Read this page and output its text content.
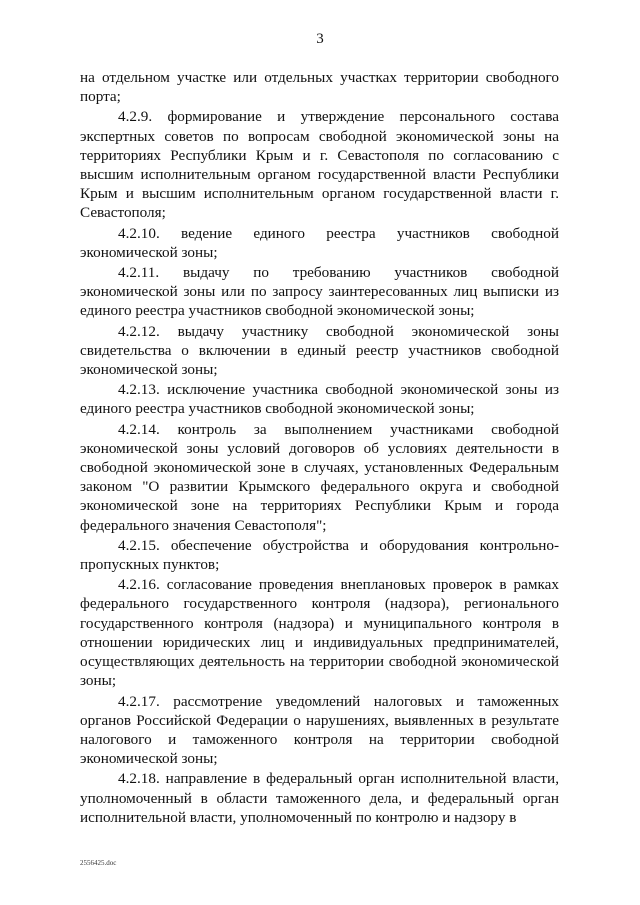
3

на отдельном участке или отдельных участках территории свободного порта;

4.2.9. формирование и утверждение персонального состава экспертных советов по вопросам свободной экономической зоны на территориях Республики Крым и г. Севастополя по согласованию с высшим исполнительным органом государственной власти Республики Крым и высшим исполнительным органом государственной власти г. Севастополя;

4.2.10. ведение единого реестра участников свободной экономической зоны;

4.2.11. выдачу по требованию участников свободной экономической зоны или по запросу заинтересованных лиц выписки из единого реестра участников свободной экономической зоны;

4.2.12. выдачу участнику свободной экономической зоны свидетельства о включении в единый реестр участников свободной экономической зоны;

4.2.13. исключение участника свободной экономической зоны из единого реестра участников свободной экономической зоны;

4.2.14. контроль за выполнением участниками свободной экономической зоны условий договоров об условиях деятельности в свободной экономической зоне в случаях, установленных Федеральным законом "О развитии Крымского федерального округа и свободной экономической зоне на территориях Республики Крым и города федерального значения Севастополя";

4.2.15. обеспечение обустройства и оборудования контрольно-пропускных пунктов;

4.2.16. согласование проведения внеплановых проверок в рамках федерального государственного контроля (надзора), регионального государственного контроля (надзора) и муниципального контроля в отношении юридических лиц и индивидуальных предпринимателей, осуществляющих деятельность на территории свободной экономической зоны;

4.2.17. рассмотрение уведомлений налоговых и таможенных органов Российской Федерации о нарушениях, выявленных в результате налогового и таможенного контроля на территории свободной экономической зоны;

4.2.18. направление в федеральный орган исполнительной власти, уполномоченный в области таможенного дела, и федеральный орган исполнительной власти, уполномоченный по контролю и надзору в

2556425.doc
